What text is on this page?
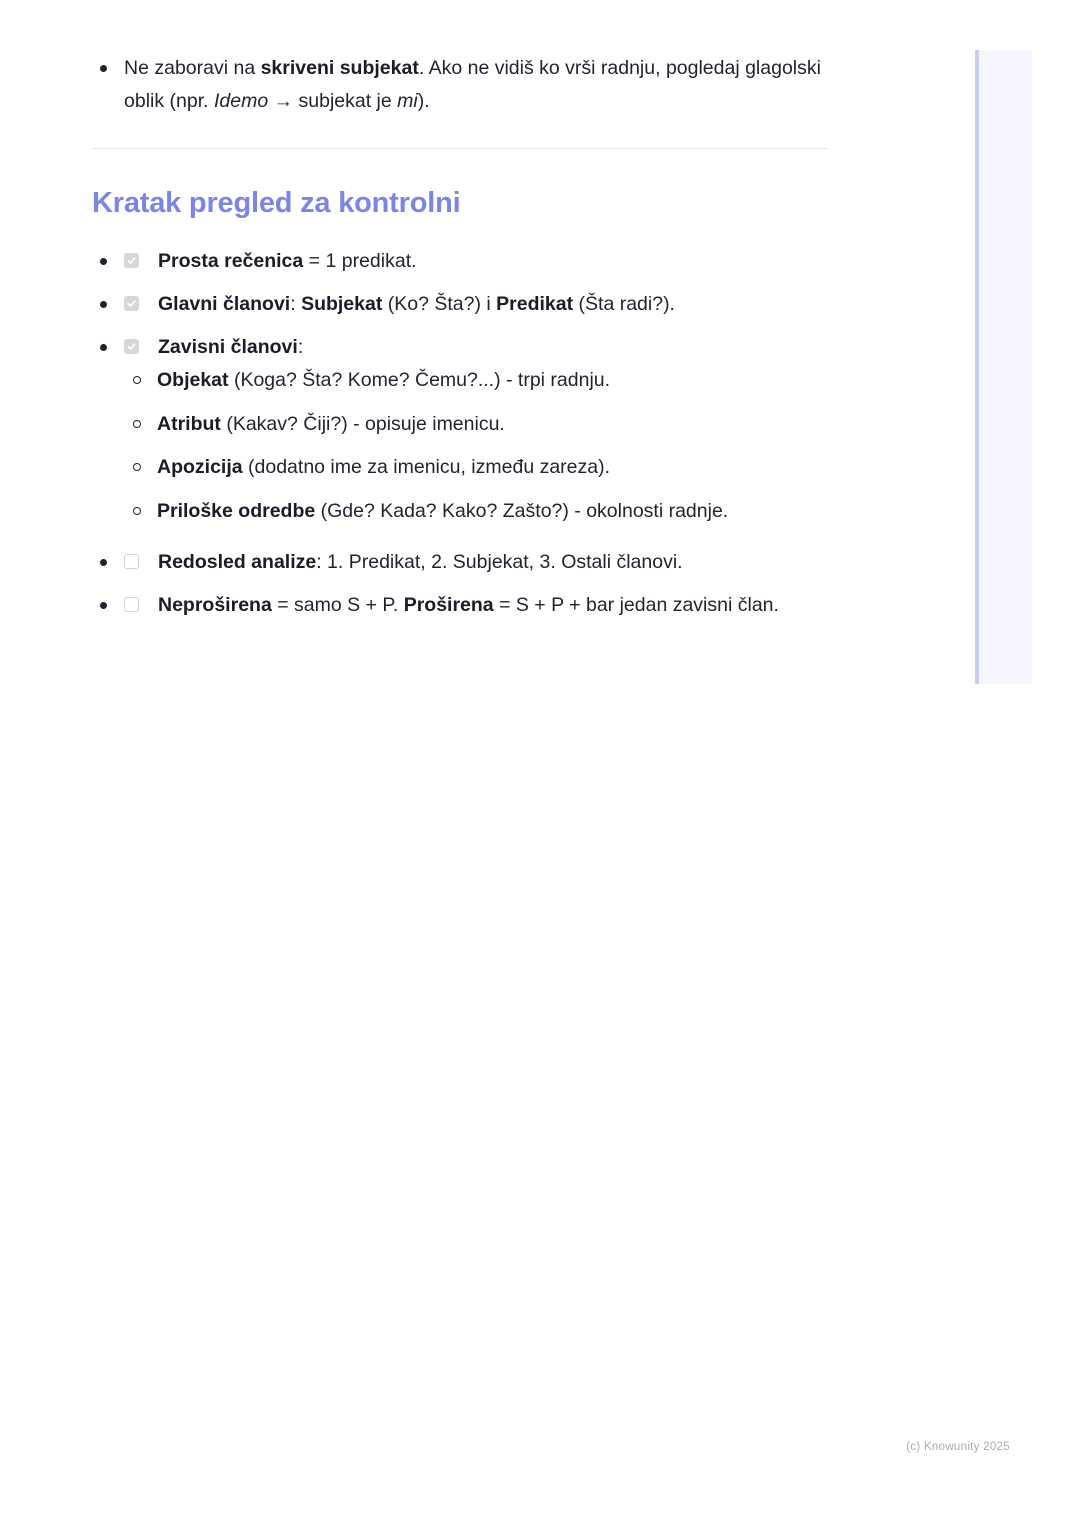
Ne zaboravi na skriveni subjekat. Ako ne vidiš ko vrši radnju, pogledaj glagolski oblik (npr. Idemo → subjekat je mi).
Kratak pregled za kontrolni
Prosta rečenica = 1 predikat.
Glavni članovi: Subjekat (Ko? Šta?) i Predikat (Šta radi?).
Zavisni članovi:
Objekat (Koga? Šta? Kome? Čemu?...) - trpi radnju.
Atribut (Kakav? Čiji?) - opisuje imenicu.
Apozicija (dodatno ime za imenicu, između zareza).
Priloške odredbe (Gde? Kada? Kako? Zašto?) - okolnosti radnje.
Redosled analize: 1. Predikat, 2. Subjekat, 3. Ostali članovi.
Neproširena = samo S + P. Proširena = S + P + bar jedan zavisni član.
(c) Knowunity 2025
